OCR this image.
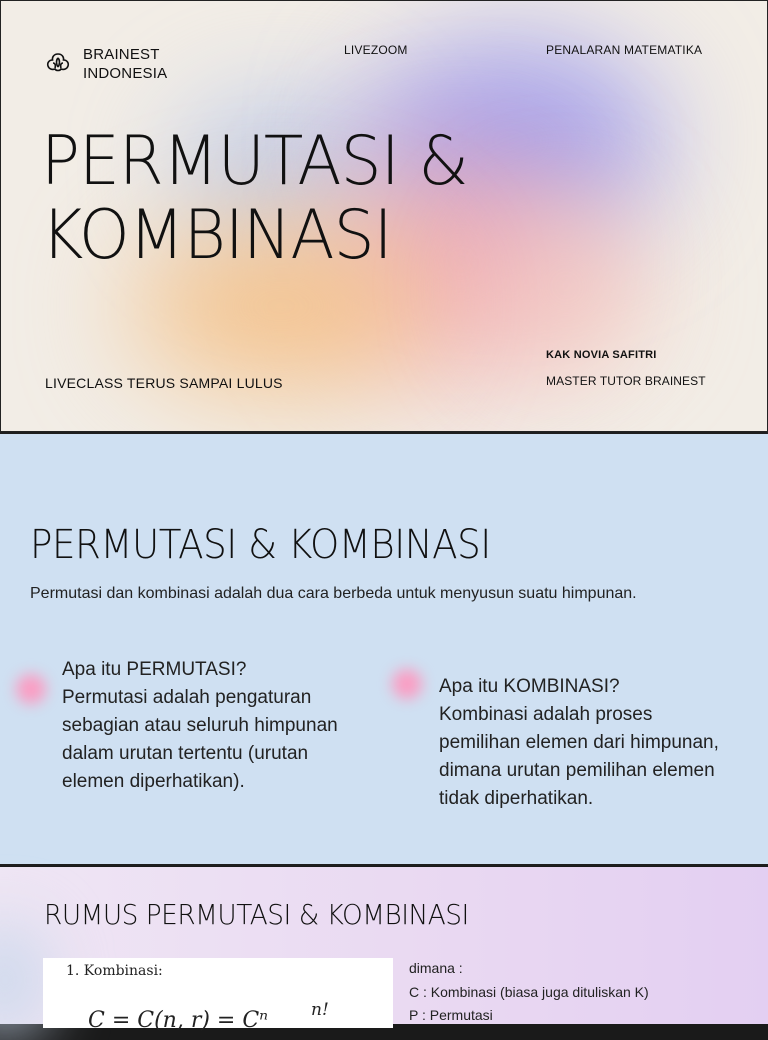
BRAINEST
INDONESIA
LIVEZOOM	PENALARAN MATEMATIKA
PERMUTASI &
KOMBINASI
LIVECLASS TERUS SAMPAI LULUS
KAK NOVIA SAFITRI
MASTER TUTOR BRAINEST
PERMUTASI & KOMBINASI
Permutasi dan kombinasi adalah dua cara berbeda untuk menyusun suatu himpunan.
Apa itu PERMUTASI?
Permutasi adalah pengaturan
sebagian atau seluruh himpunan
dalam urutan tertentu (urutan
elemen diperhatikan).
Apa itu KOMBINASI?
Kombinasi adalah proses
pemilihan elemen dari himpunan,
dimana urutan pemilihan elemen
tidak diperhatikan.
RUMUS PERMUTASI & KOMBINASI
1. Kombinasi:
n!
C = C(n, r) = Cⁿ
dimana :
C : Kombinasi (biasa juga dituliskan K)
P : Permutasi
